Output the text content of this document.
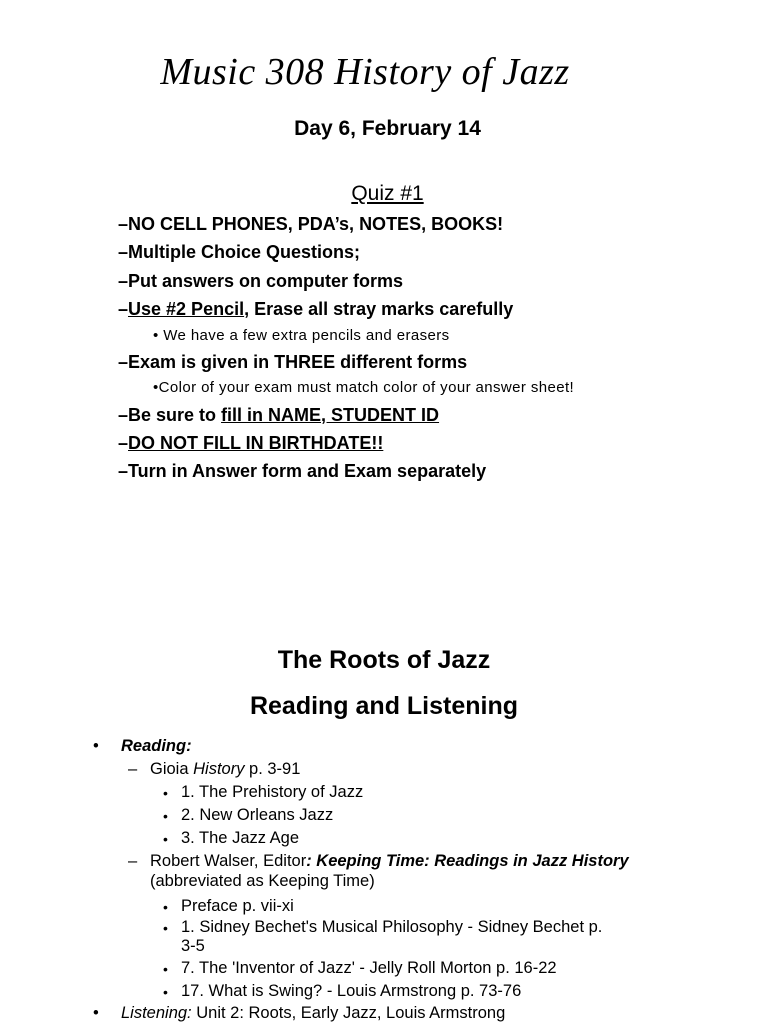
Music 308 History of Jazz
Day 6, February 14
Quiz #1
–NO CELL PHONES, PDA’s, NOTES, BOOKS!
–Multiple Choice Questions;
–Put answers on computer forms
–Use #2 Pencil, Erase all stray marks carefully
• We have a few extra pencils and erasers
–Exam is given in THREE different forms
•Color of your exam must match color of your answer sheet!
–Be sure to fill in NAME, STUDENT ID
–DO NOT FILL IN BIRTHDATE!!
–Turn in Answer form and Exam separately
The Roots of Jazz
Reading and Listening
• Reading:
– Gioia History p. 3-91
• 1. The Prehistory of Jazz
• 2. New Orleans Jazz
• 3. The Jazz Age
– Robert Walser, Editor: Keeping Time: Readings in Jazz History
(abbreviated as Keeping Time)
• Preface p. vii-xi
• 1. Sidney Bechet's Musical Philosophy - Sidney Bechet p.
3-5
• 7. The 'Inventor of Jazz' - Jelly Roll Morton p. 16-22
• 17. What is Swing? - Louis Armstrong p. 73-76
• Listening: Unit 2: Roots, Early Jazz, Louis Armstrong
